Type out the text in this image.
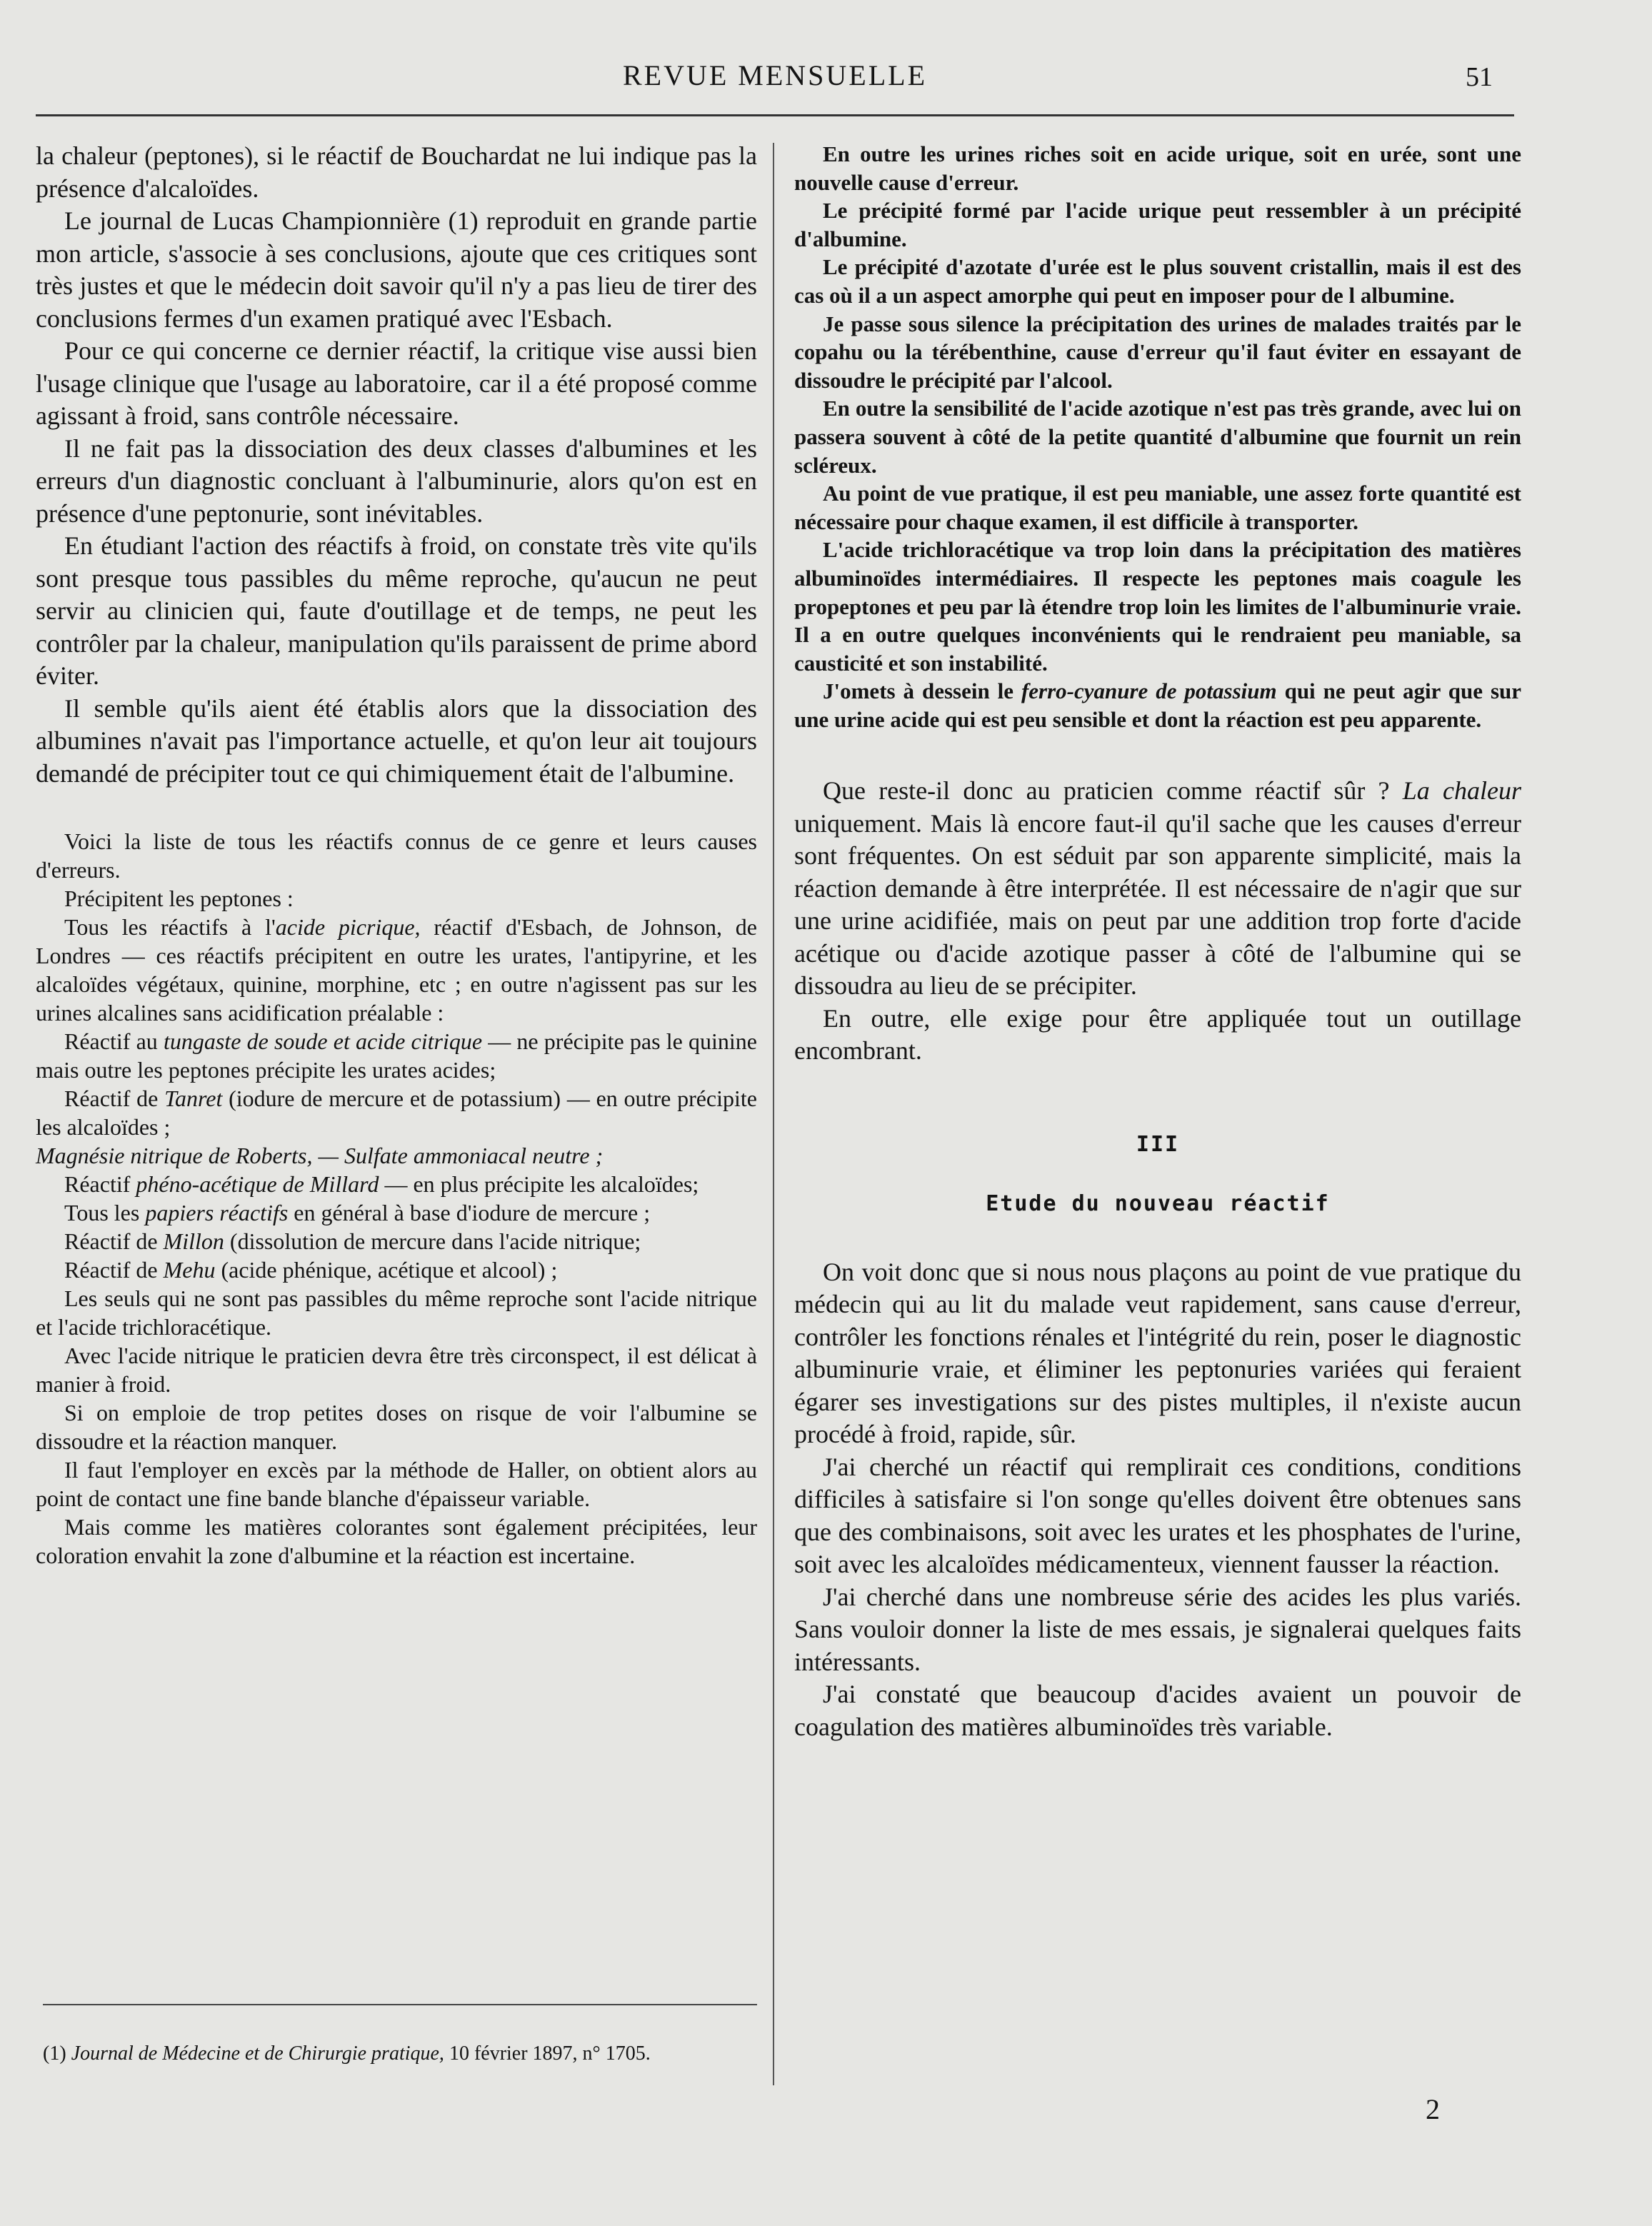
REVUE MENSUELLE	51

la chaleur (peptones), si le réactif de Bouchardat ne lui indique pas la présence d'alcaloïdes.

Le journal de Lucas Championnière (1) reproduit en grande partie mon article, s'associe à ses conclusions, ajoute que ces critiques sont très justes et que le médecin doit savoir qu'il n'y a pas lieu de tirer des conclusions fermes d'un examen pratiqué avec l'Esbach.

Pour ce qui concerne ce dernier réactif, la critique vise aussi bien l'usage clinique que l'usage au laboratoire, car il a été proposé comme agissant à froid, sans contrôle nécessaire.

Il ne fait pas la dissociation des deux classes d'albumines et les erreurs d'un diagnostic concluant à l'albuminurie, alors qu'on est en présence d'une peptonurie, sont inévitables.

En étudiant l'action des réactifs à froid, on constate très vite qu'ils sont presque tous passibles du même reproche, qu'aucun ne peut servir au clinicien qui, faute d'outillage et de temps, ne peut les contrôler par la chaleur, manipulation qu'ils paraissent de prime abord éviter.

Il semble qu'ils aient été établis alors que la dissociation des albumines n'avait pas l'importance actuelle, et qu'on leur ait toujours demandé de précipiter tout ce qui chimiquement était de l'albumine.

Voici la liste de tous les réactifs connus de ce genre et leurs causes d'erreurs.

Précipitent les peptones :

Tous les réactifs à l'acide picrique, réactif d'Esbach, de Johnson, de Londres — ces réactifs précipitent en outre les urates, l'antipyrine, et les alcaloïdes végétaux, quinine, morphine, etc ; en outre n'agissent pas sur les urines alcalines sans acidification préalable :

Réactif au tungaste de soude et acide citrique — ne précipite pas le quinine mais outre les peptones précipite les urates acides;

Réactif de Tanret (iodure de mercure et de potassium) — en outre précipite les alcaloïdes ;

Magnésie nitrique de Roberts, — Sulfate ammoniacal neutre ;

Réactif phéno-acétique de Millard — en plus précipite les alcaloïdes;

Tous les papiers réactifs en général à base d'iodure de mercure ;

Réactif de Millon (dissolution de mercure dans l'acide nitrique;

Réactif de Mehu (acide phénique, acétique et alcool) ;

Les seuls qui ne sont pas passibles du même reproche sont l'acide nitrique et l'acide trichloracétique.

Avec l'acide nitrique le praticien devra être très circonspect, il est délicat à manier à froid.

Si on emploie de trop petites doses on risque de voir l'albumine se dissoudre et la réaction manquer.

Il faut l'employer en excès par la méthode de Haller, on obtient alors au point de contact une fine bande blanche d'épaisseur variable.

Mais comme les matières colorantes sont également précipitées, leur coloration envahit la zone d'albumine et la réaction est incertaine.

(1) Journal de Médecine et de Chirurgie pratique, 10 février 1897, n° 1705.

En outre les urines riches soit en acide urique, soit en urée, sont une nouvelle cause d'erreur.

Le précipité formé par l'acide urique peut ressembler à un précipité d'albumine.

Le précipité d'azotate d'urée est le plus souvent cristallin, mais il est des cas où il a un aspect amorphe qui peut en imposer pour de l albumine.

Je passe sous silence la précipitation des urines de malades traités par le copahu ou la térébenthine, cause d'erreur qu'il faut éviter en essayant de dissoudre le précipité par l'alcool.

En outre la sensibilité de l'acide azotique n'est pas très grande, avec lui on passera souvent à côté de la petite quantité d'albumine que fournit un rein scléreux.

Au point de vue pratique, il est peu maniable, une assez forte quantité est nécessaire pour chaque examen, il est difficile à transporter.

L'acide trichloracétique va trop loin dans la précipitation des matières albuminoïdes intermédiaires. Il respecte les peptones mais coagule les propeptones et peu par là étendre trop loin les limites de l'albuminurie vraie. Il a en outre quelques inconvénients qui le rendraient peu maniable, sa causticité et son instabilité.

J'omets à dessein le ferro-cyanure de potassium qui ne peut agir que sur une urine acide qui est peu sensible et dont la réaction est peu apparente.

Que reste-il donc au praticien comme réactif sûr ? La chaleur uniquement. Mais là encore faut-il qu'il sache que les causes d'erreur sont fréquentes. On est séduit par son apparente simplicité, mais la réaction demande à être interprétée. Il est nécessaire de n'agir que sur une urine acidifiée, mais on peut par une addition trop forte d'acide acétique ou d'acide azotique passer à côté de l'albumine qui se dissoudra au lieu de se précipiter.

En outre, elle exige pour être appliquée tout un outillage encombrant.

III
Etude du nouveau réactif

On voit donc que si nous nous plaçons au point de vue pratique du médecin qui au lit du malade veut rapidement, sans cause d'erreur, contrôler les fonctions rénales et l'intégrité du rein, poser le diagnostic albuminurie vraie, et éliminer les peptonuries variées qui feraient égarer ses investigations sur des pistes multiples, il n'existe aucun procédé à froid, rapide, sûr.

J'ai cherché un réactif qui remplirait ces conditions, conditions difficiles à satisfaire si l'on songe qu'elles doivent être obtenues sans que des combinaisons, soit avec les urates et les phosphates de l'urine, soit avec les alcaloïdes médicamenteux, viennent fausser la réaction.

J'ai cherché dans une nombreuse série des acides les plus variés. Sans vouloir donner la liste de mes essais, je signalerai quelques faits intéressants.

J'ai constaté que beaucoup d'acides avaient un pouvoir de coagulation des matières albuminoïdes très variable.

2
